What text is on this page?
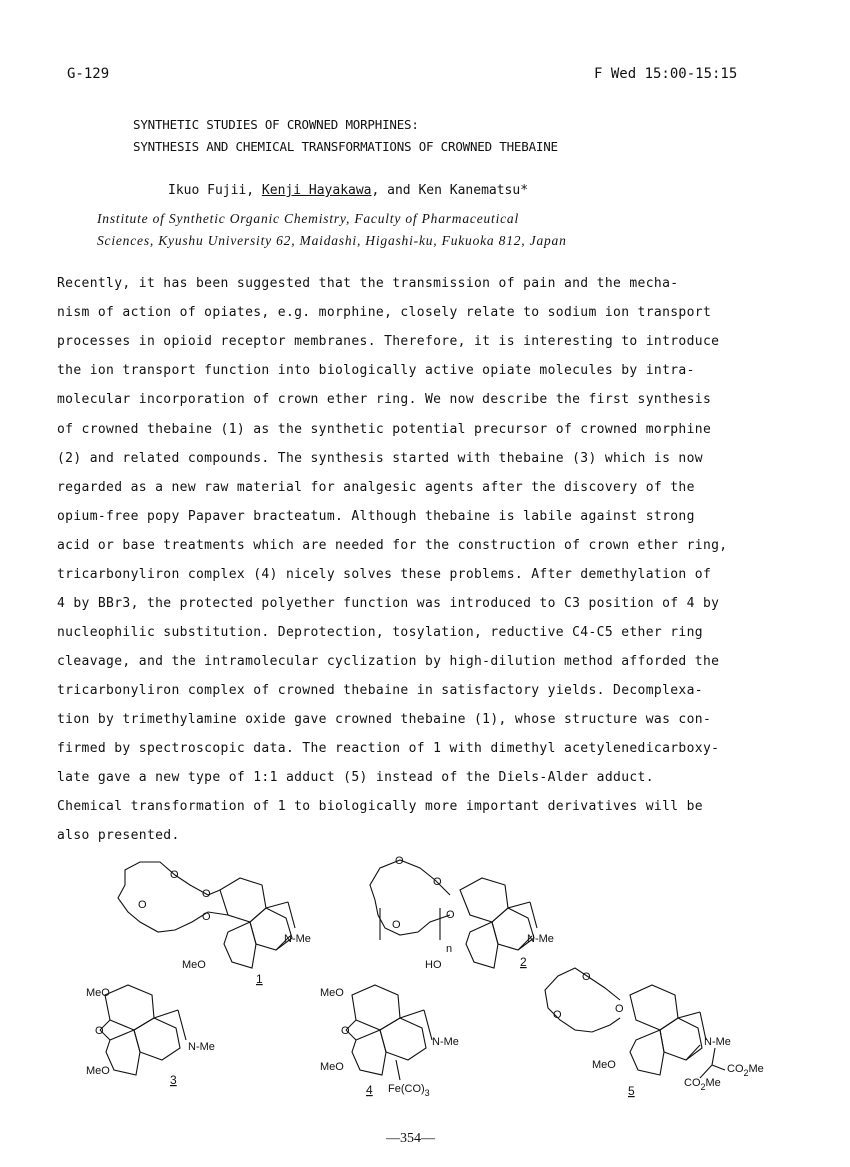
G-129	F Wed 15:00-15:15
SYNTHETIC STUDIES OF CROWNED MORPHINES:
SYNTHESIS AND CHEMICAL TRANSFORMATIONS OF CROWNED THEBAINE
Ikuo Fujii, Kenji Hayakawa, and Ken Kanematsu*
Institute of Synthetic Organic Chemistry, Faculty of Pharmaceutical
Sciences, Kyushu University 62, Maidashi, Higashi-ku, Fukuoka 812, Japan
Recently, it has been suggested that the transmission of pain and the mecha-
nism of action of opiates, e.g. morphine, closely relate to sodium ion transport
processes in opioid receptor membranes. Therefore, it is interesting to introduce
the ion transport function into biologically active opiate molecules by intra-
molecular incorporation of crown ether ring. We now describe the first synthesis
of crowned thebaine (1) as the synthetic potential precursor of crowned morphine
(2) and related compounds. The synthesis started with thebaine (3) which is now
regarded as a new raw material for analgesic agents after the discovery of the
opium-free popy Papaver bracteatum. Although thebaine is labile against strong
acid or base treatments which are needed for the construction of crown ether ring,
tricarbonyliron complex (4) nicely solves these problems. After demethylation of
4 by BBr3, the protected polyether function was introduced to C3 position of 4 by
nucleophilic substitution. Deprotection, tosylation, reductive C4-C5 ether ring
cleavage, and the intramolecular cyclization by high-dilution method afforded the
tricarbonyliron complex of crowned thebaine in satisfactory yields. Decomplexa-
tion by trimethylamine oxide gave crowned thebaine (1), whose structure was con-
firmed by spectroscopic data. The reaction of 1 with dimethyl acetylenedicarboxy-
late gave a new type of 1:1 adduct (5) instead of the Diels-Alder adduct.
Chemical transformation of 1 to biologically more important derivatives will be
also presented.
O
O
O
O
N-Me
MeO
1
O
O
O
O
n
N-Me
HO	2
MeO
O
N-Me
MeO
3
MeO
O
N-Me
MeO
4 $Fe(CO)_3$
O
O
O
N-Me
MeO	$CO_2Me$
$CO_2Me$
5
—354—
